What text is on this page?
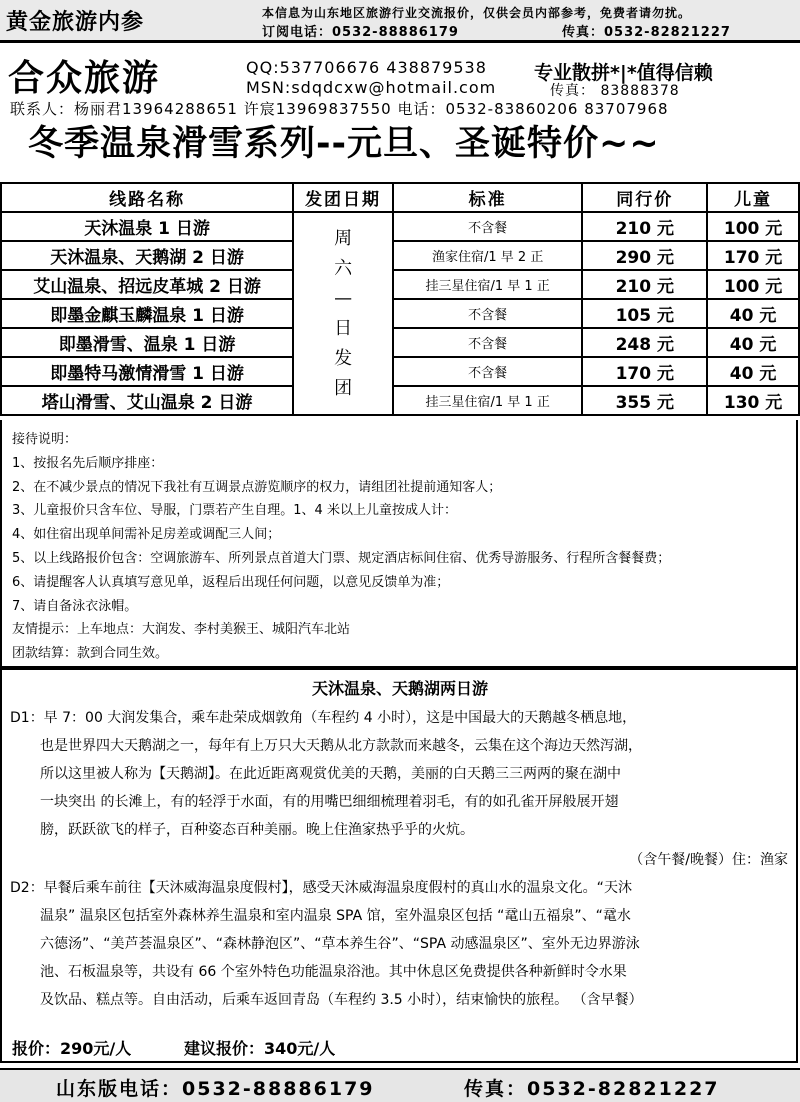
黄金旅游内参	本信息为山东地区旅游行业交流报价，仅供会员内部参考，免费者请勿扰。
订阅电话：0532-88886179	传真：0532-82821227
合众旅游	QQ:537706676 438879538
MSN:sdqdcxw@hotmail.com
专业散拼*|*值得信赖
传真： 83888378
联系人：杨丽君13964288651 许宸13969837550 电话：0532-83860206 83707968
冬季温泉滑雪系列--元旦、圣诞特价~~
线路名称	发团日期	标准	同行价	儿童
天沐温泉 1 日游	周六—日发团	不含餐	210 元	100 元
天沐温泉、天鹅湖 2 日游		渔家住宿/1 早 2 正	290 元	170 元
艾山温泉、招远皮革城 2 日游		挂三星住宿/1 早 1 正	210 元	100 元
即墨金麒玉麟温泉 1 日游		不含餐	105 元	40 元
即墨滑雪、温泉 1 日游		不含餐	248 元	40 元
即墨特马激情滑雪 1 日游		不含餐	170 元	40 元
塔山滑雪、艾山温泉 2 日游		挂三星住宿/1 早 1 正	355 元	130 元
接待说明：
1、按报名先后顺序排座：
2、在不减少景点的情况下我社有互调景点游览顺序的权力，请组团社提前通知客人；
3、儿童报价只含车位、导服，门票若产生自理。1、4 米以上儿童按成人计：
4、如住宿出现单间需补足房差或调配三人间；
5、以上线路报价包含：空调旅游车、所列景点首道大门票、规定酒店标间住宿、优秀导游服务、行程所含餐餐费；
6、请提醒客人认真填写意见单，返程后出现任何问题，以意见反馈单为准；
7、请自备泳衣泳帽。
友情提示：上车地点：大润发、李村美猴王、城阳汽车北站
团款结算：款到合同生效。
天沐温泉、天鹅湖两日游
D1：早 7：00 大润发集合，乘车赴荣成烟敦角（车程约 4 小时），这是中国最大的天鹅越冬栖息地，
也是世界四大天鹅湖之一，每年有上万只大天鹅从北方款款而来越冬，云集在这个海边天然泻湖，
所以这里被人称为【天鹅湖】。在此近距离观赏优美的天鹅，美丽的白天鹅三三两两的聚在湖中
一块突出 的长滩上，有的轻浮于水面，有的用嘴巴细细梳理着羽毛，有的如孔雀开屏般展开翅
膀，跃跃欲飞的样子，百种姿态百种美丽。晚上住渔家热乎乎的火炕。
（含午餐/晚餐）住：渔家
D2：早餐后乘车前往【天沐威海温泉度假村】，感受天沐威海温泉度假村的真山水的温泉文化。“天沐
温泉” 温泉区包括室外森林养生温泉和室内温泉 SPA 馆，室外温泉区包括 “鼋山五福泉”、“鼋水
六德汤”、“美芦荟温泉区”、“森林静泡区”、“草本养生谷”、“SPA 动感温泉区”、室外无边界游泳
池、石板温泉等，共设有 66 个室外特色功能温泉浴池。其中休息区免费提供各种新鲜时令水果
及饮品、糕点等。自由活动，后乘车返回青岛（车程约 3.5 小时），结束愉快的旅程。 （含早餐）
报价：290元/人	建议报价：340元/人
山东版电话：0532-88886179	传真：0532-82821227
